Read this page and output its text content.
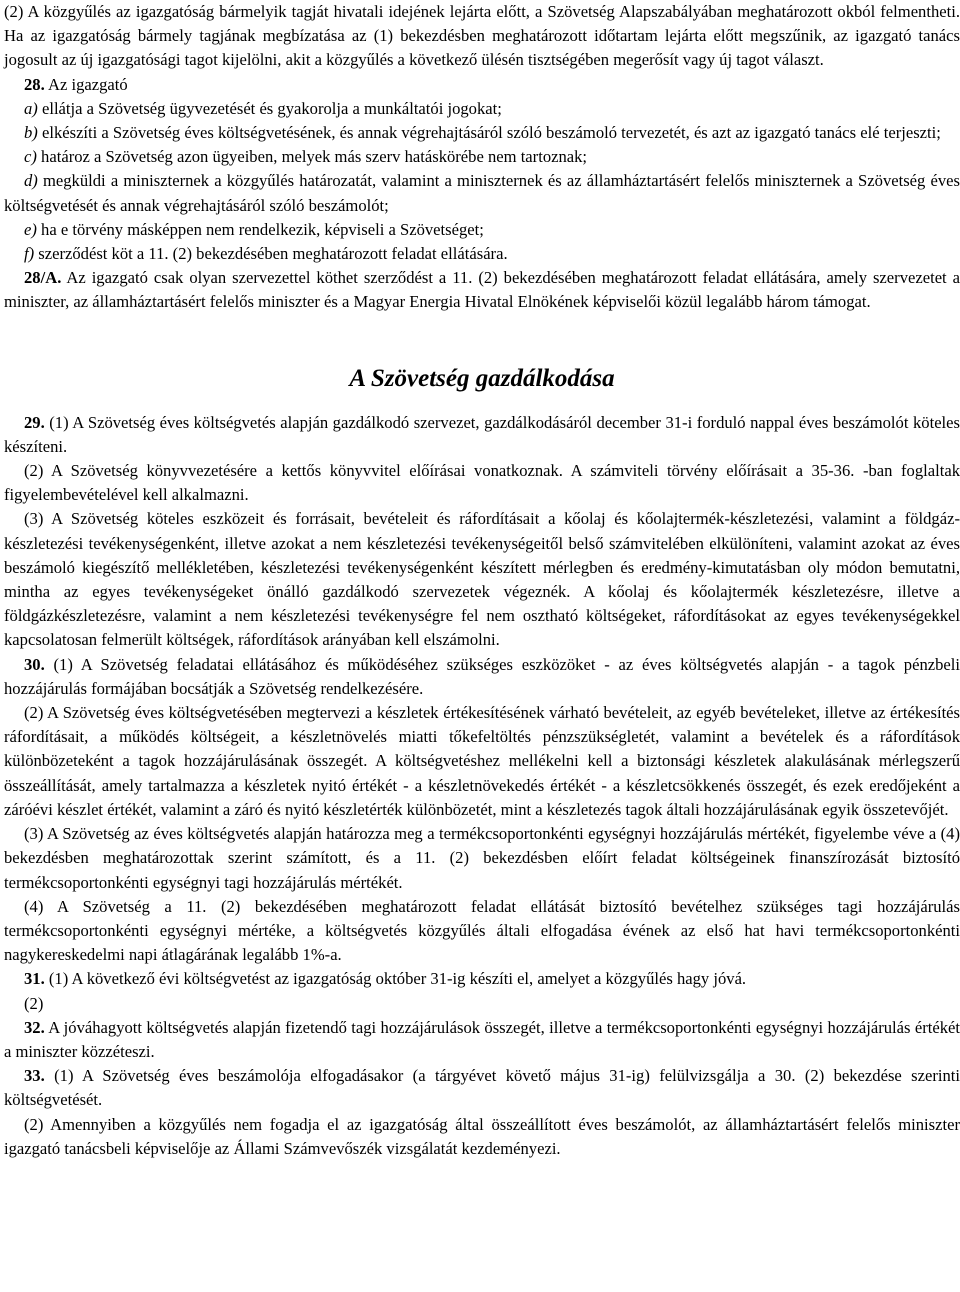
(2) A közgyűlés az igazgatóság bármelyik tagját hivatali idejének lejárta előtt, a Szövetség Alapszabályában meghatározott okból felmentheti. Ha az igazgatóság bármely tagjának megbízatása az (1) bekezdésben meghatározott időtartam lejárta előtt megszűnik, az igazgató tanács jogosult az új igazgatósági tagot kijelölni, akit a közgyűlés a következő ülésén tisztségében megerősít vagy új tagot választ.

28. Az igazgató

a) ellátja a Szövetség ügyvezetését és gyakorolja a munkáltatói jogokat;

b) elkészíti a Szövetség éves költségvetésének, és annak végrehajtásáról szóló beszámoló tervezetét, és azt az igazgató tanács elé terjeszti;

c) határoz a Szövetség azon ügyeiben, melyek más szerv hatáskörébe nem tartoznak;

d) megküldi a miniszternek a közgyűlés határozatát, valamint a miniszternek és az államháztartásért felelős miniszternek a Szövetség éves költségvetését és annak végrehajtásáról szóló beszámolót;

e) ha e törvény másképpen nem rendelkezik, képviseli a Szövetséget;

f) szerződést köt a 11. (2) bekezdésében meghatározott feladat ellátására.

28/A. Az igazgató csak olyan szervezettel köthet szerződést a 11. (2) bekezdésében meghatározott feladat ellátására, amely szervezetet a miniszter, az államháztartásért felelős miniszter és a Magyar Energia Hivatal Elnökének képviselői közül legalább három támogat.

A Szövetség gazdálkodása

29. (1) A Szövetség éves költségvetés alapján gazdálkodó szervezet, gazdálkodásáról december 31-i forduló nappal éves beszámolót köteles készíteni.

(2) A Szövetség könyvvezetésére a kettős könyvvitel előírásai vonatkoznak. A számviteli törvény előírásait a 35-36. -ban foglaltak figyelembevételével kell alkalmazni.

(3) A Szövetség köteles eszközeit és forrásait, bevételeit és ráfordításait a kőolaj és kőolajtermék-készletezési, valamint a földgáz-készletezési tevékenységenként, illetve azokat a nem készletezési tevékenységeitől belső számvitelében elkülöníteni, valamint azokat az éves beszámoló kiegészítő mellékletében, készletezési tevékenységenként készített mérlegben és eredmény-kimutatásban oly módon bemutatni, mintha az egyes tevékenységeket önálló gazdálkodó szervezetek végeznék. A kőolaj és kőolajtermék készletezésre, illetve a földgázkészletezésre, valamint a nem készletezési tevékenységre fel nem osztható költségeket, ráfordításokat az egyes tevékenységekkel kapcsolatosan felmerült költségek, ráfordítások arányában kell elszámolni.

30. (1) A Szövetség feladatai ellátásához és működéséhez szükséges eszközöket - az éves költségvetés alapján - a tagok pénzbeli hozzájárulás formájában bocsátják a Szövetség rendelkezésére.

(2) A Szövetség éves költségvetésében megtervezi a készletek értékesítésének várható bevételeit, az egyéb bevételeket, illetve az értékesítés ráfordításait, a működés költségeit, a készletnövelés miatti tőkefeltöltés pénzszükségletét, valamint a bevételek és a ráfordítások különbözeteként a tagok hozzájárulásának összegét. A költségvetéshez mellékelni kell a biztonsági készletek alakulásának mérlegszerű összeállítását, amely tartalmazza a készletek nyitó értékét - a készletnövekedés értékét - a készletcsökkenés összegét, és ezek eredőjeként a záróévi készlet értékét, valamint a záró és nyitó készletérték különbözetét, mint a készletezés tagok általi hozzájárulásának egyik összetevőjét.

(3) A Szövetség az éves költségvetés alapján határozza meg a termékcsoportonkénti egységnyi hozzájárulás mértékét, figyelembe véve a (4) bekezdésben meghatározottak szerint számított, és a 11. (2) bekezdésben előírt feladat költségeinek finanszírozását biztosító termékcsoportonkénti egységnyi tagi hozzájárulás mértékét.

(4) A Szövetség a 11. (2) bekezdésében meghatározott feladat ellátását biztosító bevételhez szükséges tagi hozzájárulás termékcsoportonkénti egységnyi mértéke, a költségvetés közgyűlés általi elfogadása évének az első hat havi termékcsoportonkénti nagykereskedelmi napi átlagárának legalább 1%-a.

31. (1) A következő évi költségvetést az igazgatóság október 31-ig készíti el, amelyet a közgyűlés hagy jóvá.

(2)

32. A jóváhagyott költségvetés alapján fizetendő tagi hozzájárulások összegét, illetve a termékcsoportonkénti egységnyi hozzájárulás értékét a miniszter közzéteszi.

33. (1) A Szövetség éves beszámolója elfogadásakor (a tárgyévet követő május 31-ig) felülvizsgálja a 30. (2) bekezdése szerinti költségvetését.

(2) Amennyiben a közgyűlés nem fogadja el az igazgatóság által összeállított éves beszámolót, az államháztartásért felelős miniszter igazgató tanácsbeli képviselője az Állami Számvevőszék vizsgálatát kezdeményezi.
